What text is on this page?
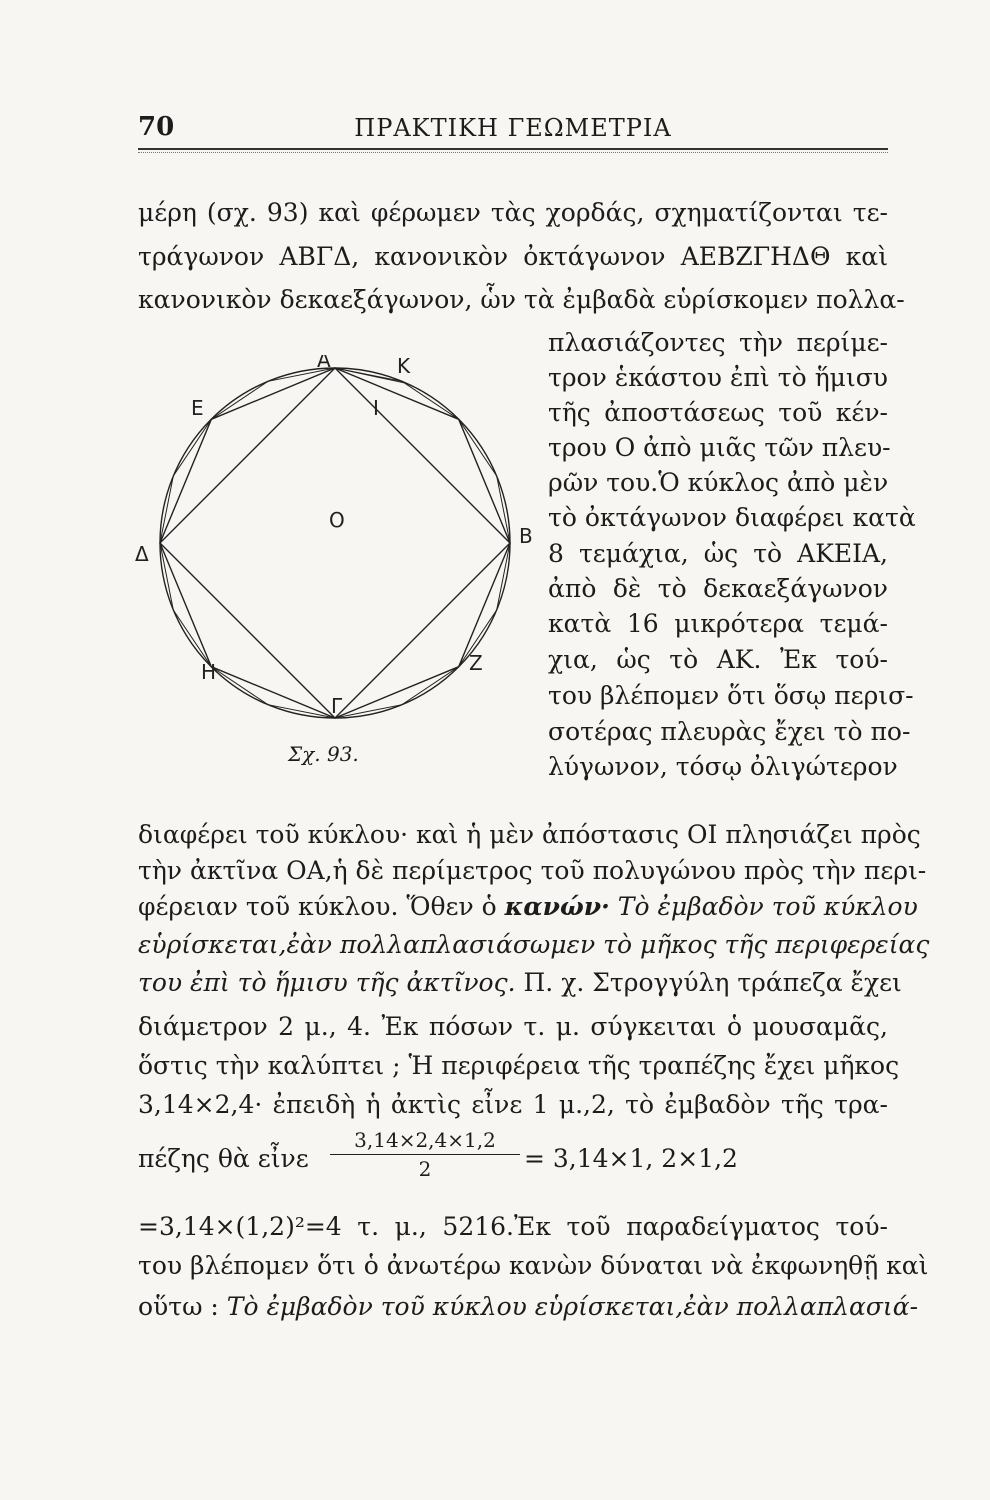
70	ΠΡΑΚΤΙΚΗ ΓΕΩΜΕΤΡΙΑ
μέρη (σχ. 93) καὶ φέρωμεν τὰς χορδάς, σχηματίζονται τε-
τράγωνον ΑΒΓΔ, κανονικὸν ὀκτάγωνον ΑΕΒΖΓΗΔΘ καὶ
κανονικὸν δεκαεξάγωνον, ὧν τὰ ἐμβαδὰ εὑρίσκομεν πολλα-
πλασιάζοντες τὴν περίμε-
τρον ἑκάστου ἐπὶ τὸ ἥμισυ
τῆς ἀποστάσεως τοῦ κέν-
τρου Ο ἀπὸ μιᾶς τῶν πλευ-
ρῶν του.Ὁ κύκλος ἀπὸ μὲν
τὸ ὀκτάγωνον διαφέρει κατὰ
8 τεμάχια, ὡς τὸ ΑΚΕΙΑ,
ἀπὸ δὲ τὸ δεκαεξάγωνον
κατὰ 16 μικρότερα τεμά-
χια, ὡς τὸ ΑΚ. Ἐκ τού-
του βλέπομεν ὅτι ὅσῳ περισ-
σοτέρας πλευρὰς ἔχει τὸ πο-
λύγωνον, τόσῳ ὀλιγώτερον
Α	Κ
Ε	Ι
Ο
Β
Δ
Η	Ζ
Γ
Σχ. 93.
διαφέρει τοῦ κύκλου· καὶ ἡ μὲν ἀπόστασις ΟΙ πλησιάζει πρὸς
τὴν ἀκτῖνα ΟΑ,ἡ δὲ περίμετρος τοῦ πολυγώνου πρὸς τὴν περι-
φέρειαν τοῦ κύκλου. Ὅθεν ὁ κανών· Τὸ ἐμβαδὸν τοῦ κύκλου
εὑρίσκεται,ἐὰν πολλαπλασιάσωμεν τὸ μῆκος τῆς περιφερείας
του ἐπὶ τὸ ἥμισυ τῆς ἀκτῖνος. Π. χ. Στρογγύλη τράπεζα ἔχει
διάμετρον 2 μ., 4. Ἐκ πόσων τ. μ. σύγκειται ὁ μουσαμᾶς,
ὅστις τὴν καλύπτει ; Ἡ περιφέρεια τῆς τραπέζης ἔχει μῆκος
3,14×2,4· ἐπειδὴ ἡ ἀκτὶς εἶνε 1 μ.,2, τὸ ἐμβαδὸν τῆς τρα-
πέζης θὰ εἶνε $\frac{3,14\times 2,4\times 1,2}{2} = 3,14\times 1$, 2×1,2
=3,14×(1,2)²=4 τ. μ., 5216.Ἐκ τοῦ παραδείγματος τού-
του βλέπομεν ὅτι ὁ ἀνωτέρω κανὼν δύναται νὰ ἐκφωνηθῇ καὶ
οὕτω : Τὸ ἐμβαδὸν τοῦ κύκλου εὑρίσκεται,ἐὰν πολλαπλασιά-
